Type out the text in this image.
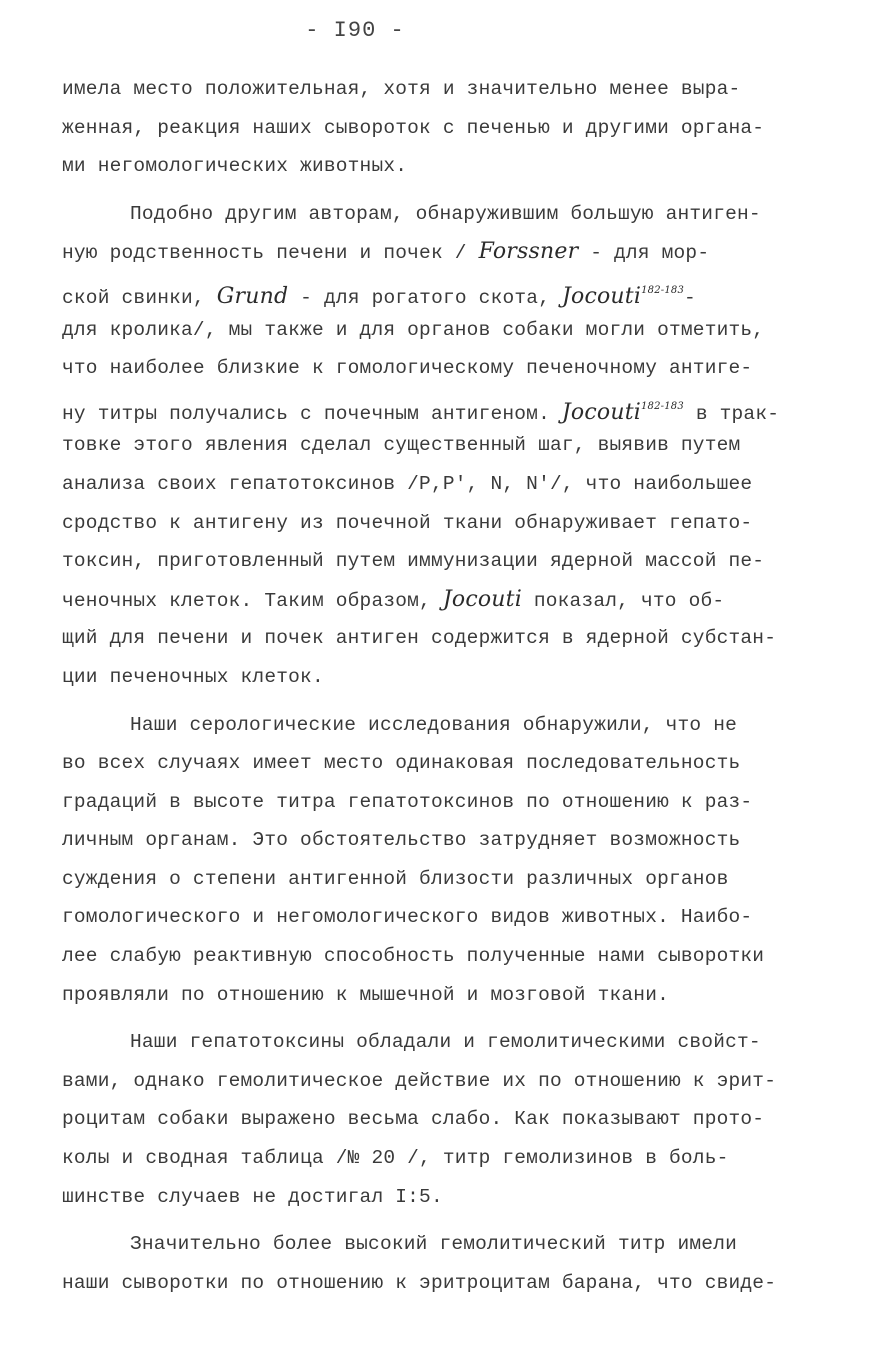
- I90 -
имела место положительная, хотя и значительно менее выра-
женная, реакция наших сывороток с печенью и другими органа-
ми негомологических животных.
Подобно другим авторам, обнаружившим большую антиген-
ную родственность печени и почек / Forssner - для мор-
ской свинки, Grund - для рогатого скота, Jocouti$^{182-183}$-
для кролика/, мы также и для органов собаки могли отметить,
что наиболее близкие к гомологическому печеночному антиге-
ну титры получались с почечным антигеном. Jocouti$^{182-183}$ в трак-
товке этого явления сделал существенный шаг, выявив путем
анализа своих гепатотоксинов /P,P', N, N'/, что наибольшее
сродство к антигену из почечной ткани обнаруживает гепато-
токсин, приготовленный путем иммунизации ядерной массой пе-
ченочных клеток. Таким образом, Jocouti показал, что об-
щий для печени и почек антиген содержится в ядерной субстан-
ции печеночных клеток.
Наши серологические исследования обнаружили, что не
во всех случаях имеет место одинаковая последовательность
градаций в высоте титра гепатотоксинов по отношению к раз-
личным органам. Это обстоятельство затрудняет возможность
суждения о степени антигенной близости различных органов
гомологического и негомологического видов животных. Наибо-
лее слабую реактивную способность полученные нами сыворотки
проявляли по отношению к мышечной и мозговой ткани.
Наши гепатотоксины обладали и гемолитическими свойст-
вами, однако гемолитическое действие их по отношению к эрит-
роцитам собаки выражено весьма слабо. Как показывают прото-
колы и сводная таблица /№ 20 /, титр гемолизинов в боль-
шинстве случаев не достигал I:5.
Значительно более высокий гемолитический титр имели
наши сыворотки по отношению к эритроцитам барана, что свиде-
